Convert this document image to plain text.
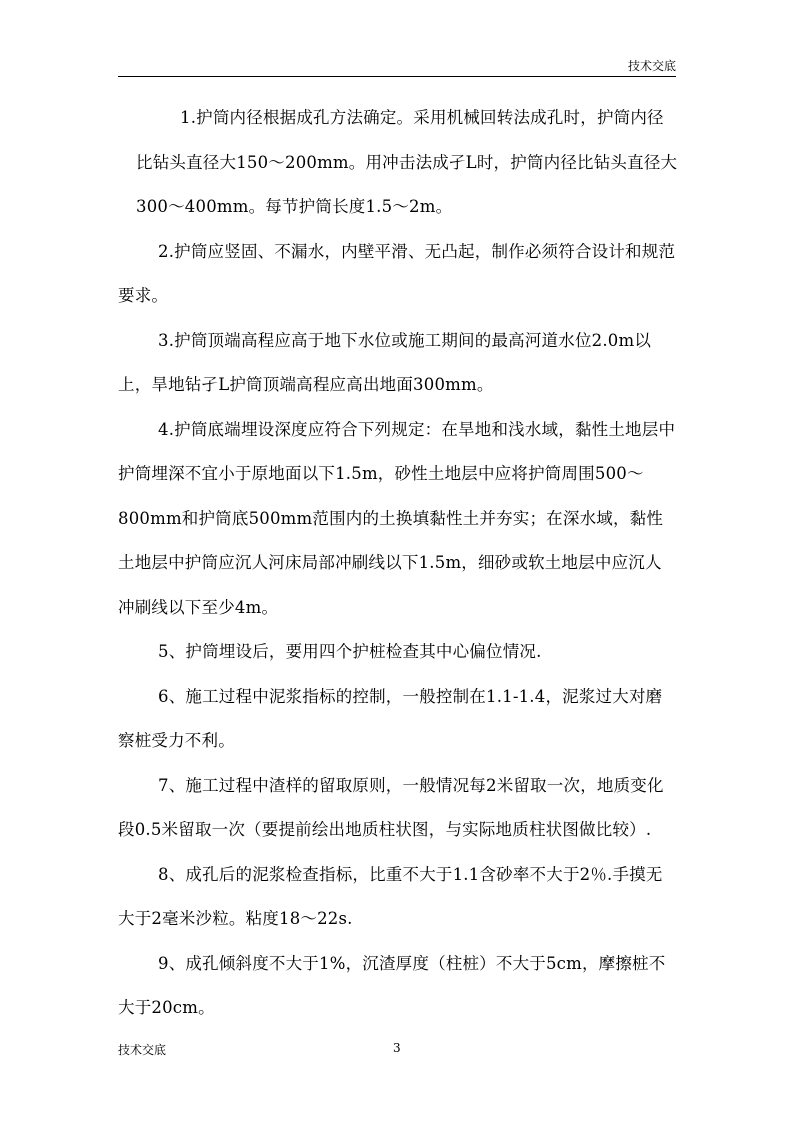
技术交底

1.护筒内径根据成孔方法确定。采用机械回转法成孔时，护筒内径比钻头直径大150～200mm。用冲击法成孑L时，护筒内径比钻头直径大300～400mm。每节护筒长度1.5～2m。

2.护筒应竖固、不漏水，内壁平滑、无凸起，制作必须符合设计和规范要求。

3.护筒顶端高程应高于地下水位或施工期间的最高河道水位2.0m以上，旱地钻孑L护筒顶端高程应高出地面300mm。

4.护筒底端埋设深度应符合下列规定：在旱地和浅水域，黏性土地层中护筒埋深不宜小于原地面以下1.5m，砂性土地层中应将护筒周围500～800mm和护筒底500mm范围内的土换填黏性土并夯实；在深水域，黏性土地层中护筒应沉人河床局部冲刷线以下1.5m，细砂或软土地层中应沉人冲刷线以下至少4m。

5、护筒埋设后，要用四个护桩检查其中心偏位情况.

6、施工过程中泥浆指标的控制，一般控制在1.1-1.4，泥浆过大对磨察桩受力不利。

7、施工过程中渣样的留取原则，一般情况每2米留取一次，地质变化段0.5米留取一次（要提前绘出地质柱状图，与实际地质柱状图做比较）.

8、成孔后的泥浆检查指标，比重不大于1.1含砂率不大于2％.手摸无大于2毫米沙粒。粘度18～22s.

9、成孔倾斜度不大于1%，沉渣厚度（柱桩）不大于5cm，摩擦桩不大于20cm。

技术交底	3
